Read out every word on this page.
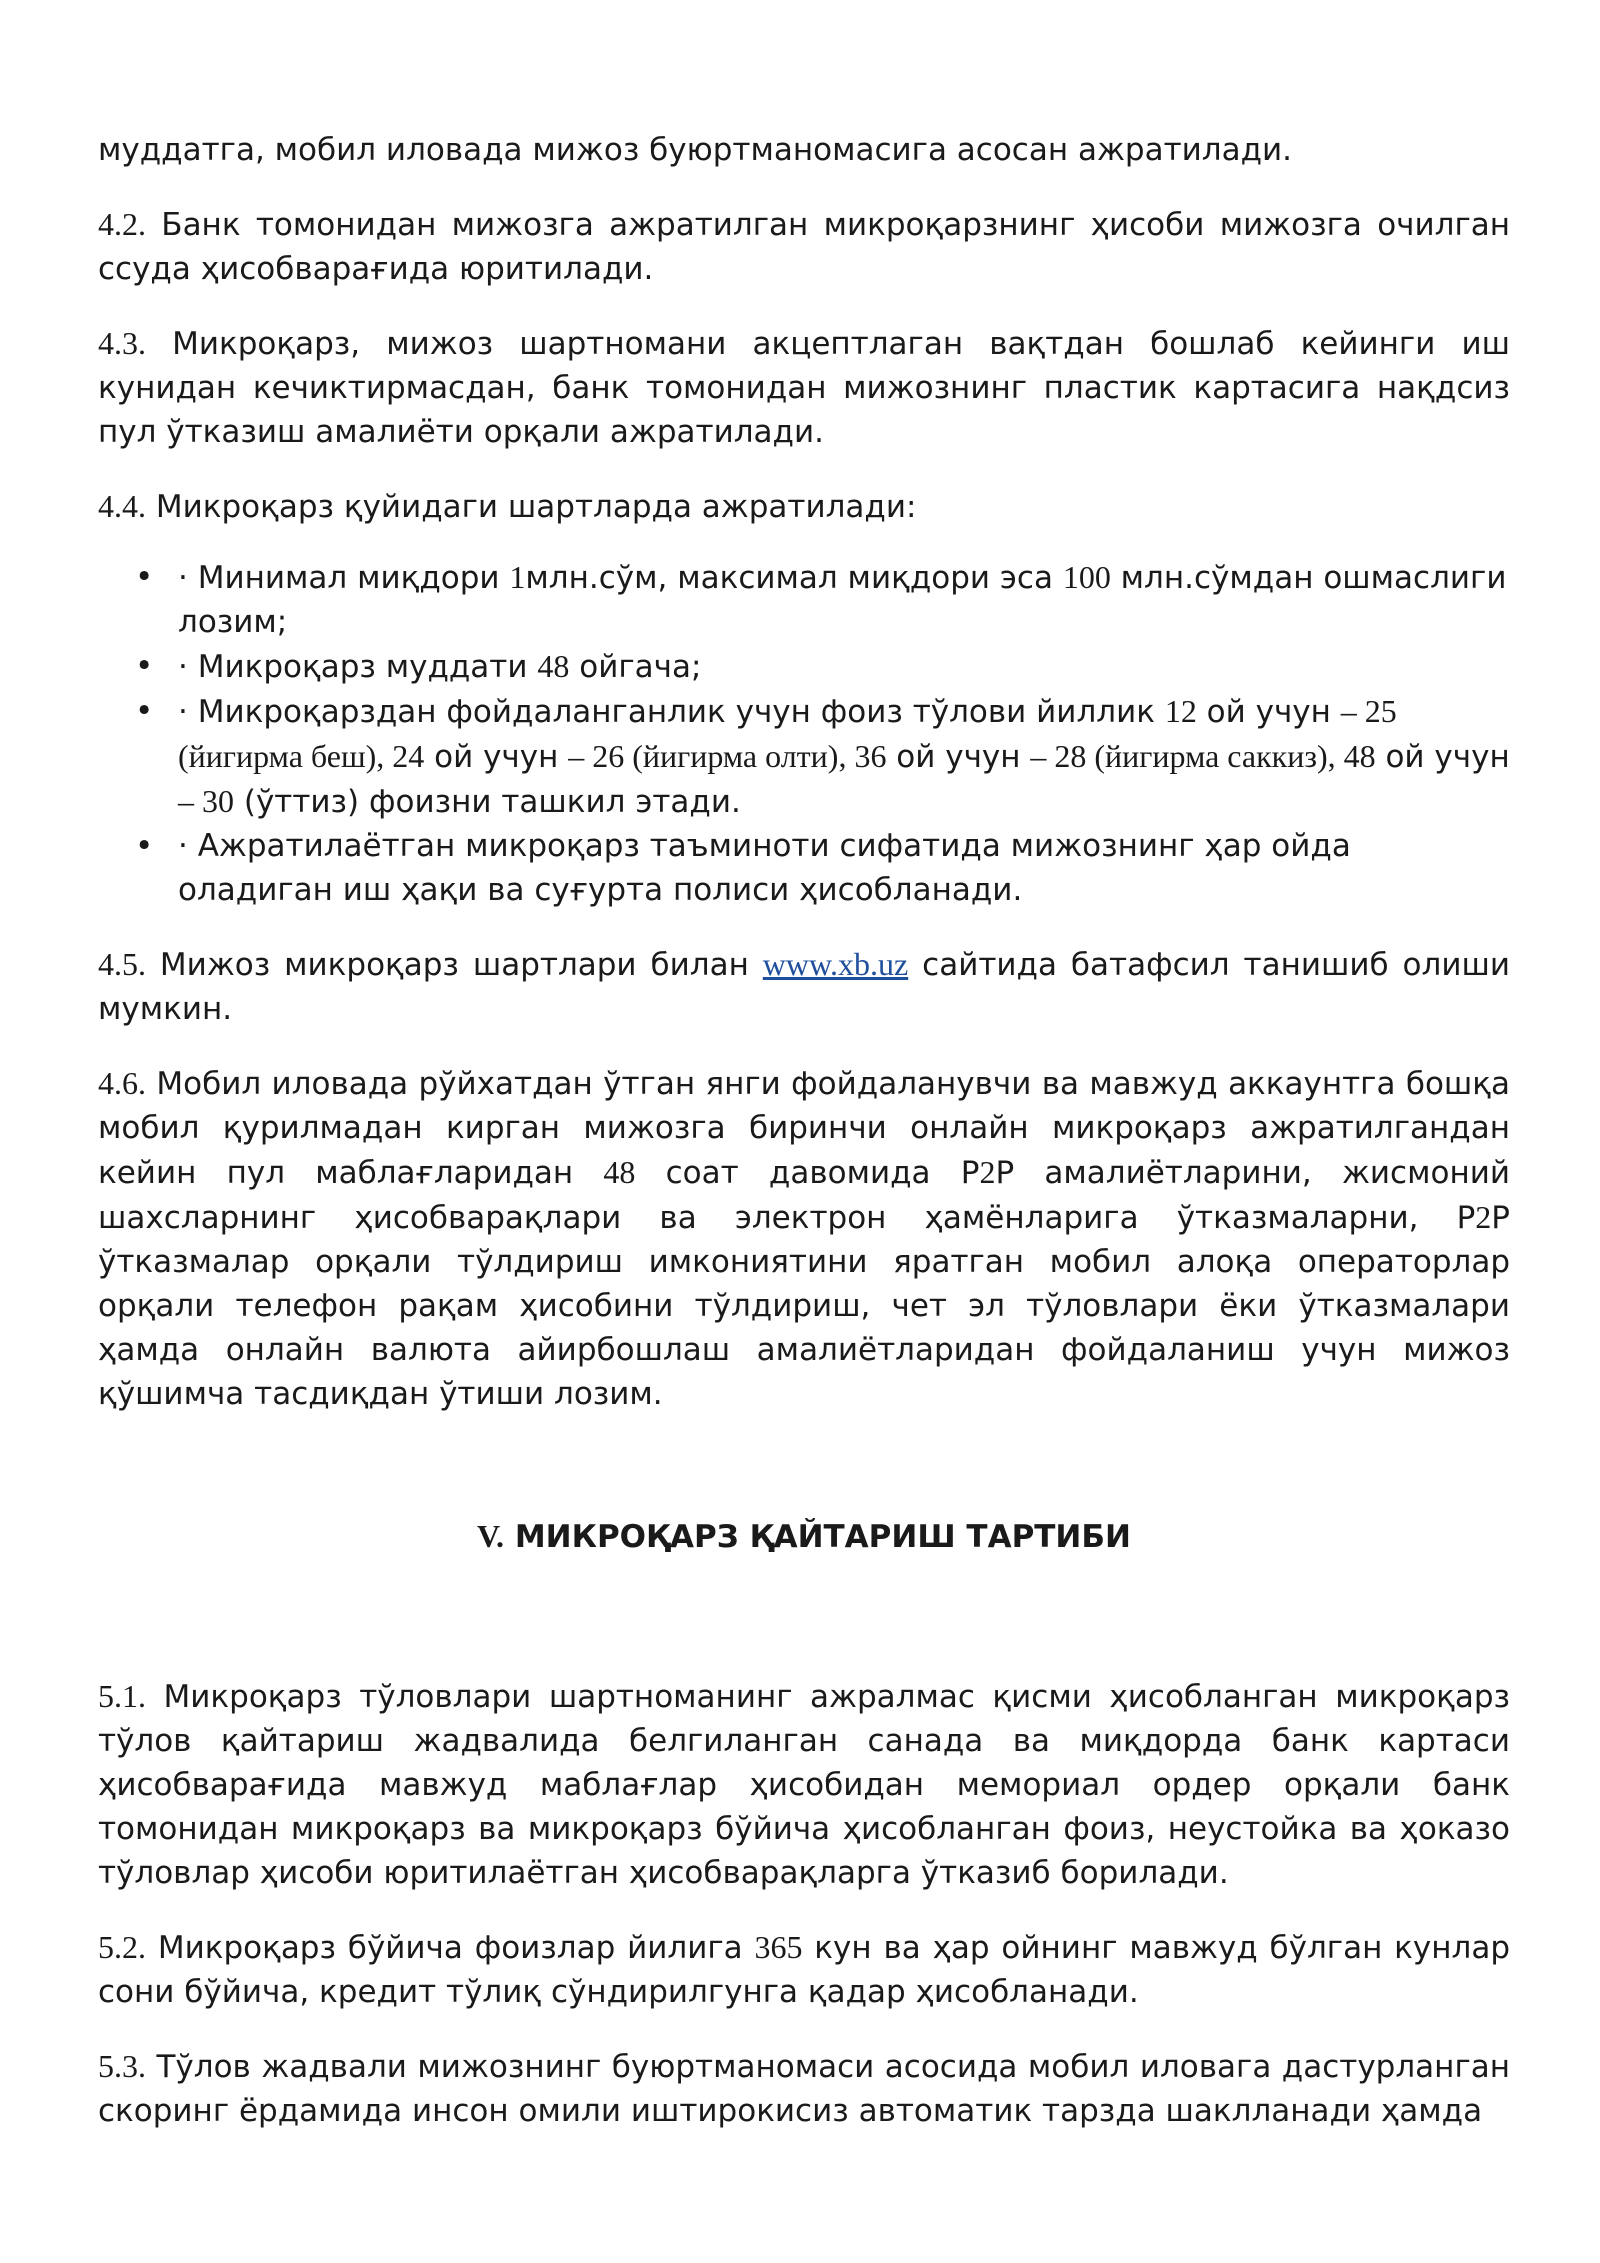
муддатга, мобил иловада мижоз буюртманомасига асосан ажратилади.

4.2. Банк томонидан мижозга ажратилган микроқарзнинг ҳисоби мижозга очилган ссуда ҳисобварағида юритилади.

4.3. Микроқарз, мижоз шартномани акцептлаган вақтдан бошлаб кейинги иш кунидан кечиктирмасдан, банк томонидан мижознинг пластик картасига нақдсиз пул ўтказиш амалиёти орқали ажратилади.

4.4. Микроқарз қуйидаги шартларда ажратилади:

• · Минимал миқдори 1млн.сўм, максимал миқдори эса 100 млн.сўмдан ошмаслиги лозим;
• · Микроқарз муддати 48 ойгача;
• · Микроқарздан фойдаланганлик учун фоиз тўлови йиллик 12 ой учун – 25 (йигирма беш), 24 ой учун – 26 (йигирма олти), 36 ой учун – 28 (йигирма саккиз), 48 ой учун – 30 (ўттиз) фоизни ташкил этади.
• · Ажратилаётган микроқарз таъминоти сифатида мижознинг ҳар ойда оладиган иш ҳақи ва суғурта полиси ҳисобланади.

4.5. Мижоз микроқарз шартлари билан www.xb.uz сайтида батафсил танишиб олиши мумкин.

4.6. Мобил иловада рўйхатдан ўтган янги фойдаланувчи ва мавжуд аккаунтга бошқа мобил қурилмадан кирган мижозга биринчи онлайн микроқарз ажратилгандан кейин пул маблағларидан 48 соат давомида P2P амалиётларини, жисмоний шахсларнинг ҳисобварақлари ва электрон ҳамёнларига ўтказмаларни, P2P ўтказмалар орқали тўлдириш имкониятини яратган мобил алоқа операторлар орқали телефон рақам ҳисобини тўлдириш, чет эл тўловлари ёки ўтказмалари ҳамда онлайн валюта айирбошлаш амалиётларидан фойдаланиш учун мижоз қўшимча тасдиқдан ўтиши лозим.

V. МИКРОҚАРЗ ҚАЙТАРИШ ТАРТИБИ

5.1. Микроқарз тўловлари шартноманинг ажралмас қисми ҳисобланган микроқарз тўлов қайтариш жадвалида белгиланган санада ва миқдорда банк картаси ҳисобварағида мавжуд маблағлар ҳисобидан мемориал ордер орқали банк томонидан микроқарз ва микроқарз бўйича ҳисобланган фоиз, неустойка ва ҳоказо тўловлар ҳисоби юритилаётган ҳисобварақларга ўтказиб борилади.

5.2. Микроқарз бўйича фоизлар йилига 365 кун ва ҳар ойнинг мавжуд бўлган кунлар сони бўйича, кредит тўлиқ сўндирилгунга қадар ҳисобланади.

5.3. Тўлов жадвали мижознинг буюртманомаси асосида мобил иловага дастурланган скоринг ёрдамида инсон омили иштирокисиз автоматик тарзда шаклланади ҳамда
